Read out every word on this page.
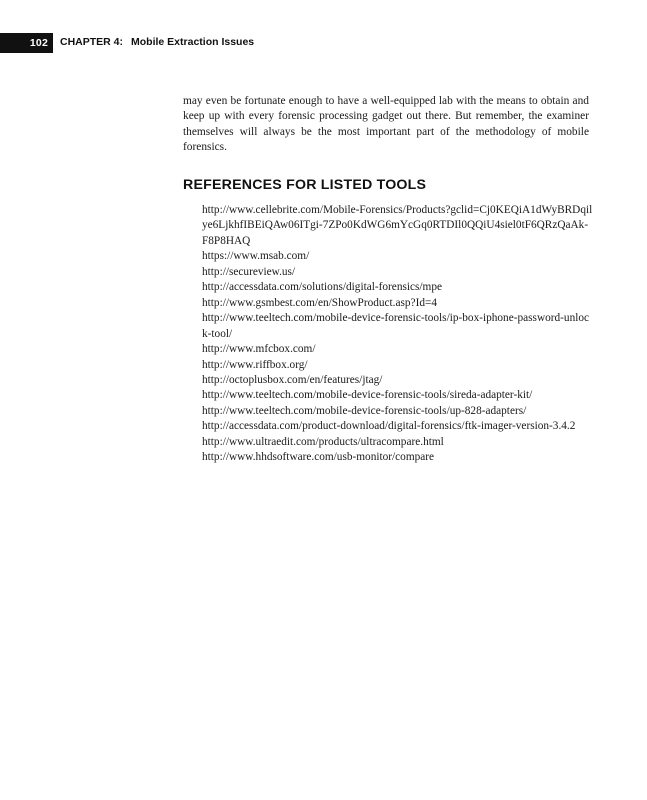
102 CHAPTER 4: Mobile Extraction Issues

may even be fortunate enough to have a well-equipped lab with the means to obtain and keep up with every forensic processing gadget out there. But remember, the examiner themselves will always be the most important part of the methodology of mobile forensics.

REFERENCES FOR LISTED TOOLS
http://www.cellebrite.com/Mobile-Forensics/Products?gclid=Cj0KEQiA1dWyBRDqilye6LjkhfIBEiQAw06ITgi-7ZPo0KdWG6mYcGq0RTDIl0QQiU4siel0tF6QRzQaAk-F8P8HAQ
https://www.msab.com/
http://secureview.us/
http://accessdata.com/solutions/digital-forensics/mpe
http://www.gsmbest.com/en/ShowProduct.asp?Id=4
http://www.teeltech.com/mobile-device-forensic-tools/ip-box-iphone-password-unlock-tool/
http://www.mfcbox.com/
http://www.riffbox.org/
http://octoplusbox.com/en/features/jtag/
http://www.teeltech.com/mobile-device-forensic-tools/sireda-adapter-kit/
http://www.teeltech.com/mobile-device-forensic-tools/up-828-adapters/
http://accessdata.com/product-download/digital-forensics/ftk-imager-version-3.4.2
http://www.ultraedit.com/products/ultracompare.html
http://www.hhdsoftware.com/usb-monitor/compare
